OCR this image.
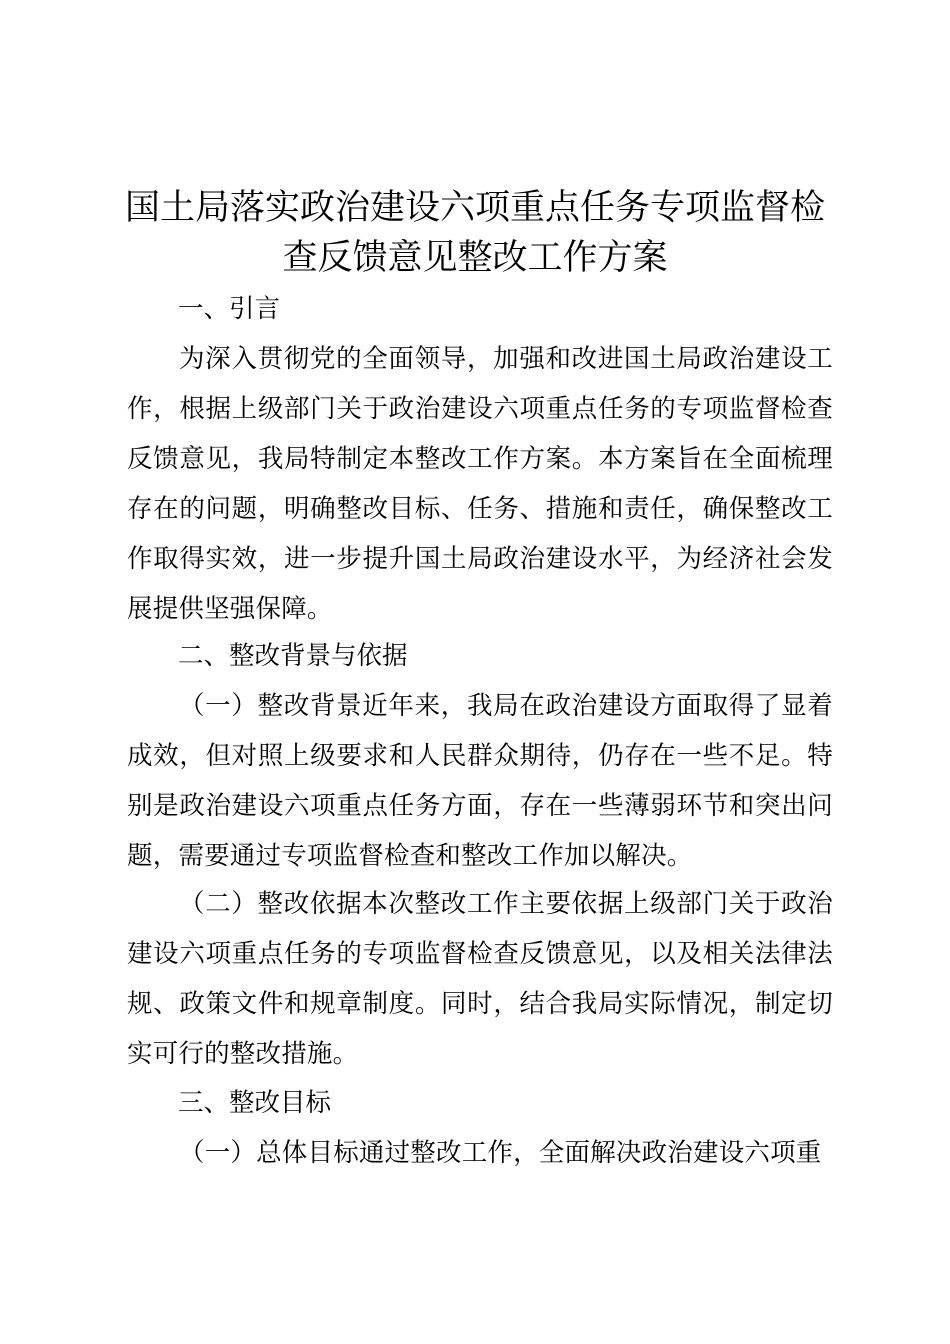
国土局落实政治建设六项重点任务专项监督检
查反馈意见整改工作方案

一、引言

为深入贯彻党的全面领导，加强和改进国土局政治建设工作，根据上级部门关于政治建设六项重点任务的专项监督检查反馈意见，我局特制定本整改工作方案。本方案旨在全面梳理存在的问题，明确整改目标、任务、措施和责任，确保整改工作取得实效，进一步提升国土局政治建设水平，为经济社会发展提供坚强保障。

二、整改背景与依据

（一）整改背景近年来，我局在政治建设方面取得了显着成效，但对照上级要求和人民群众期待，仍存在一些不足。特别是政治建设六项重点任务方面，存在一些薄弱环节和突出问题，需要通过专项监督检查和整改工作加以解决。

（二）整改依据本次整改工作主要依据上级部门关于政治建设六项重点任务的专项监督检查反馈意见，以及相关法律法规、政策文件和规章制度。同时，结合我局实际情况，制定切实可行的整改措施。

三、整改目标

（一）总体目标通过整改工作，全面解决政治建设六项重
